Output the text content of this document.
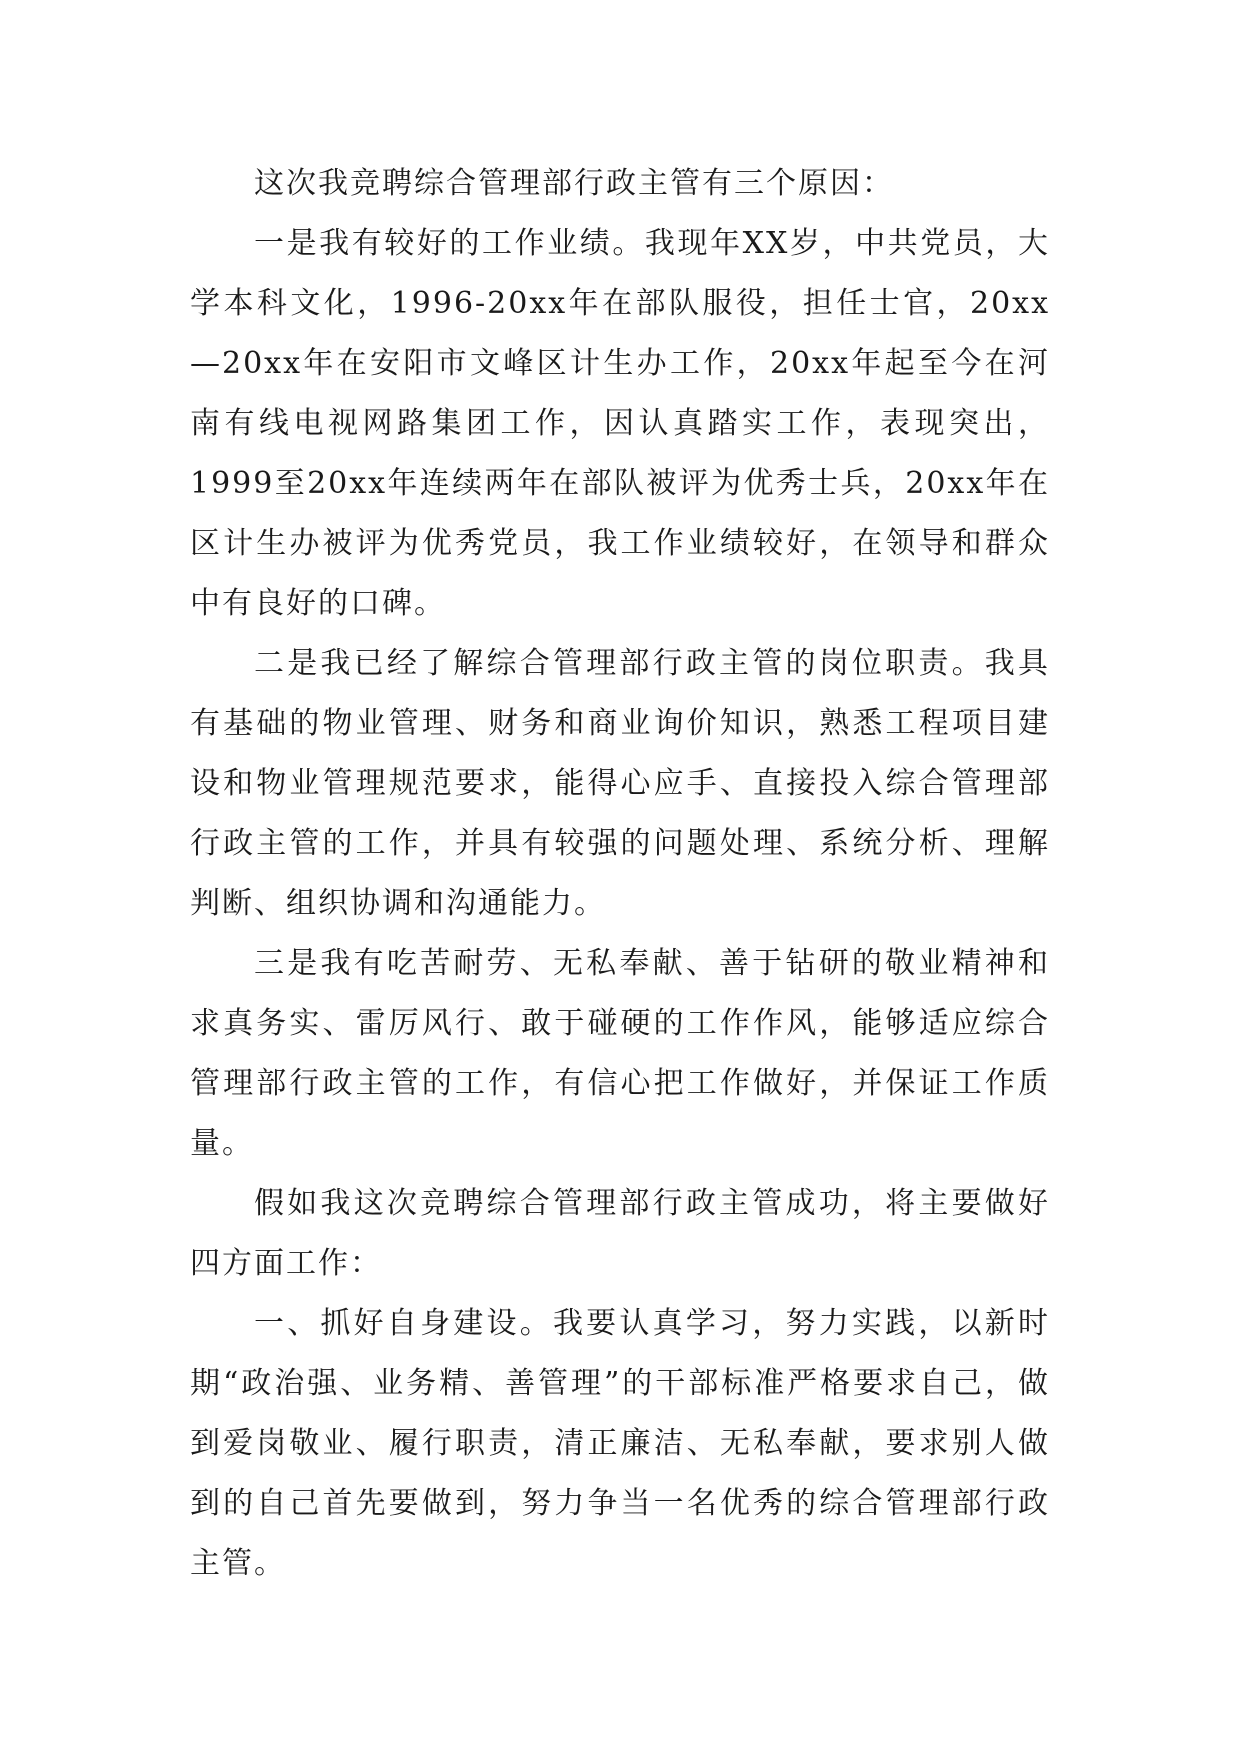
这次我竞聘综合管理部行政主管有三个原因：

一是我有较好的工作业绩。我现年XX岁，中共党员，大学本科文化，1996-20xx年在部队服役，担任士官，20xx—20xx年在安阳市文峰区计生办工作，20xx年起至今在河南有线电视网路集团工作，因认真踏实工作，表现突出，1999至20xx年连续两年在部队被评为优秀士兵，20xx年在区计生办被评为优秀党员，我工作业绩较好，在领导和群众中有良好的口碑。

二是我已经了解综合管理部行政主管的岗位职责。我具有基础的物业管理、财务和商业询价知识，熟悉工程项目建设和物业管理规范要求，能得心应手、直接投入综合管理部行政主管的工作，并具有较强的问题处理、系统分析、理解判断、组织协调和沟通能力。

三是我有吃苦耐劳、无私奉献、善于钻研的敬业精神和求真务实、雷厉风行、敢于碰硬的工作作风，能够适应综合管理部行政主管的工作，有信心把工作做好，并保证工作质量。

假如我这次竞聘综合管理部行政主管成功，将主要做好四方面工作：

一、抓好自身建设。我要认真学习，努力实践，以新时期“政治强、业务精、善管理”的干部标准严格要求自己，做到爱岗敬业、履行职责，清正廉洁、无私奉献，要求别人做到的自己首先要做到，努力争当一名优秀的综合管理部行政主管。
